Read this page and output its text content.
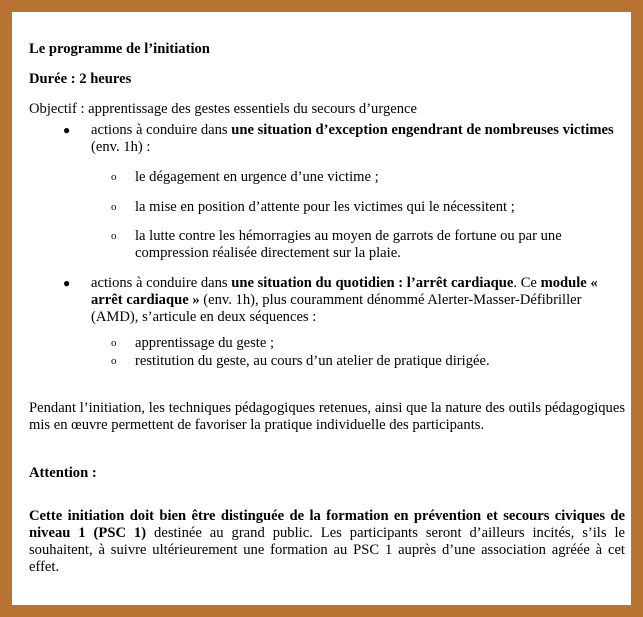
Le programme de l’initiation

Durée : 2 heures

Objectif : apprentissage des gestes essentiels du secours d’urgence

● actions à conduire dans une situation d’exception engendrant de nombreuses victimes (env. 1h) :
o le dégagement en urgence d’une victime ;
o la mise en position d’attente pour les victimes qui le nécessitent ;
o la lutte contre les hémorragies au moyen de garrots de fortune ou par une compression réalisée directement sur la plaie.
● actions à conduire dans une situation du quotidien : l’arrêt cardiaque. Ce module « arrêt cardiaque » (env. 1h), plus couramment dénommé Alerter-Masser-Défibriller (AMD), s’articule en deux séquences :
o apprentissage du geste ;
o restitution du geste, au cours d’un atelier de pratique dirigée.

Pendant l’initiation, les techniques pédagogiques retenues, ainsi que la nature des outils pédagogiques mis en œuvre permettent de favoriser la pratique individuelle des participants.

Attention :

Cette initiation doit bien être distinguée de la formation en prévention et secours civiques de niveau 1 (PSC 1) destinée au grand public. Les participants seront d’ailleurs incités, s’ils le souhaitent, à suivre ultérieurement une formation au PSC 1 auprès d’une association agréée à cet effet.
